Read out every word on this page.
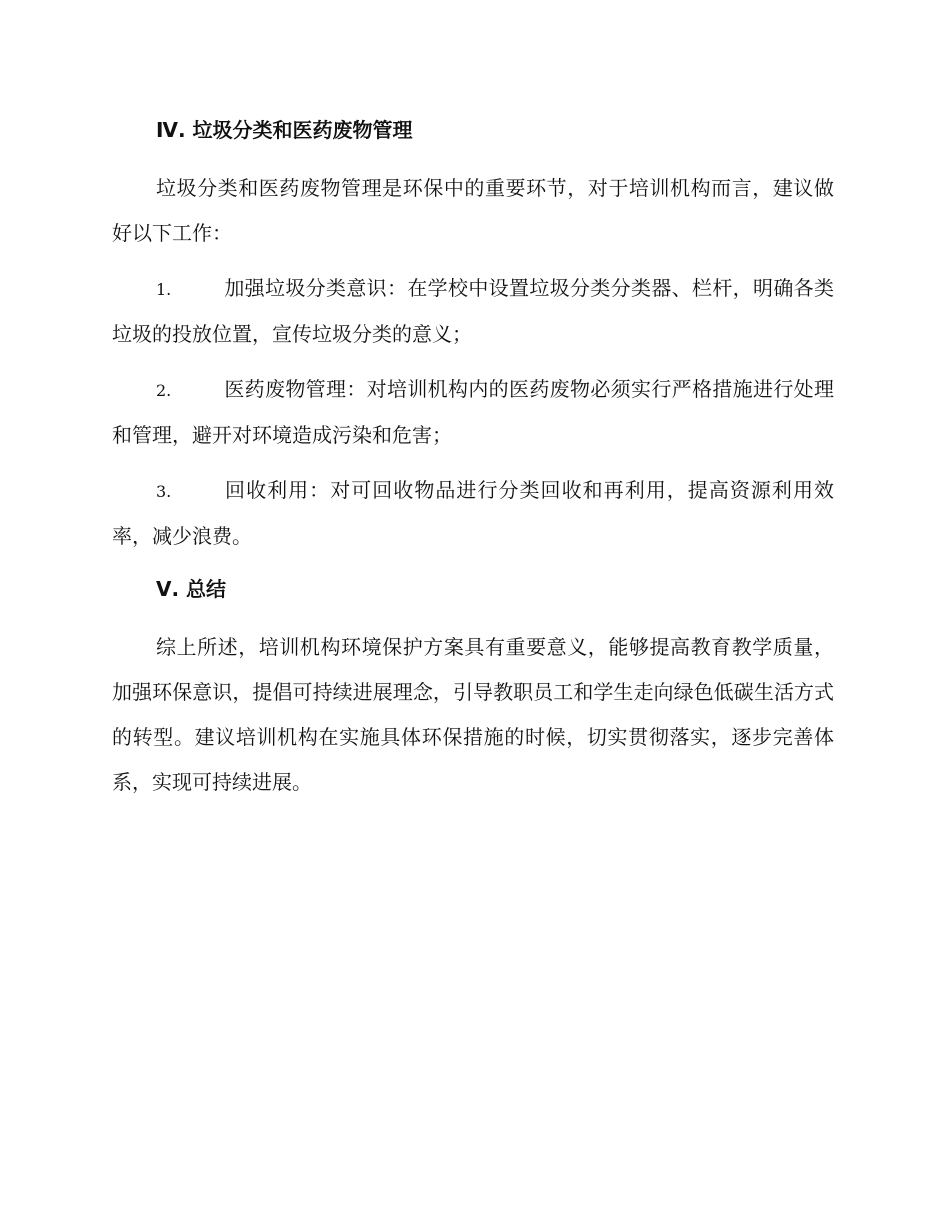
Ⅳ. 垃圾分类和医药废物管理

垃圾分类和医药废物管理是环保中的重要环节，对于培训机构而言，建议做好以下工作：

1.	加强垃圾分类意识：在学校中设置垃圾分类分类器、栏杆，明确各类垃圾的投放位置，宣传垃圾分类的意义；

2.	医药废物管理：对培训机构内的医药废物必须实行严格措施进行处理和管理，避开对环境造成污染和危害；

3.	回收利用：对可回收物品进行分类回收和再利用，提高资源利用效率，减少浪费。

Ⅴ. 总结

综上所述，培训机构环境保护方案具有重要意义，能够提高教育教学质量，加强环保意识，提倡可持续进展理念，引导教职员工和学生走向绿色低碳生活方式的转型。建议培训机构在实施具体环保措施的时候，切实贯彻落实，逐步完善体系，实现可持续进展。
